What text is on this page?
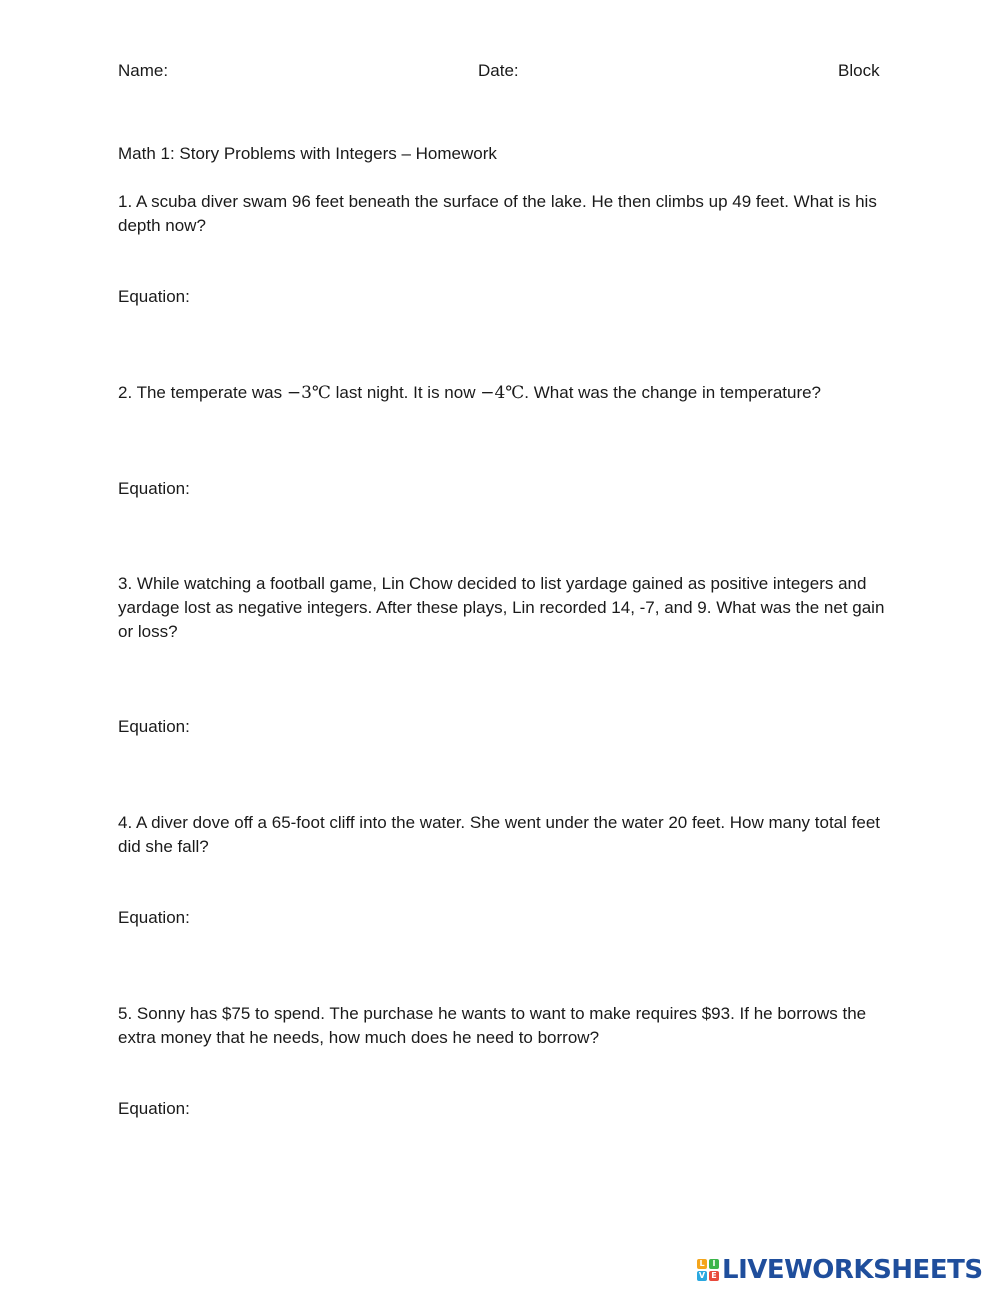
Name:	Date:	Block
Math 1: Story Problems with Integers – Homework
1. A scuba diver swam 96 feet beneath the surface of the lake. He then climbs up 49 feet. What is his depth now?
Equation:
2. The temperate was −3℃ last night. It is now −4℃. What was the change in temperature?
Equation:
3. While watching a football game, Lin Chow decided to list yardage gained as positive integers and yardage lost as negative integers. After these plays, Lin recorded 14, -7, and 9. What was the net gain or loss?
Equation:
4. A diver dove off a 65-foot cliff into the water. She went under the water 20 feet. How many total feet did she fall?
Equation:
5. Sonny has $75 to spend. The purchase he wants to want to make requires $93. If he borrows the extra money that he needs, how much does he need to borrow?
Equation:
L I
V E LIVEWORKSHEETS
